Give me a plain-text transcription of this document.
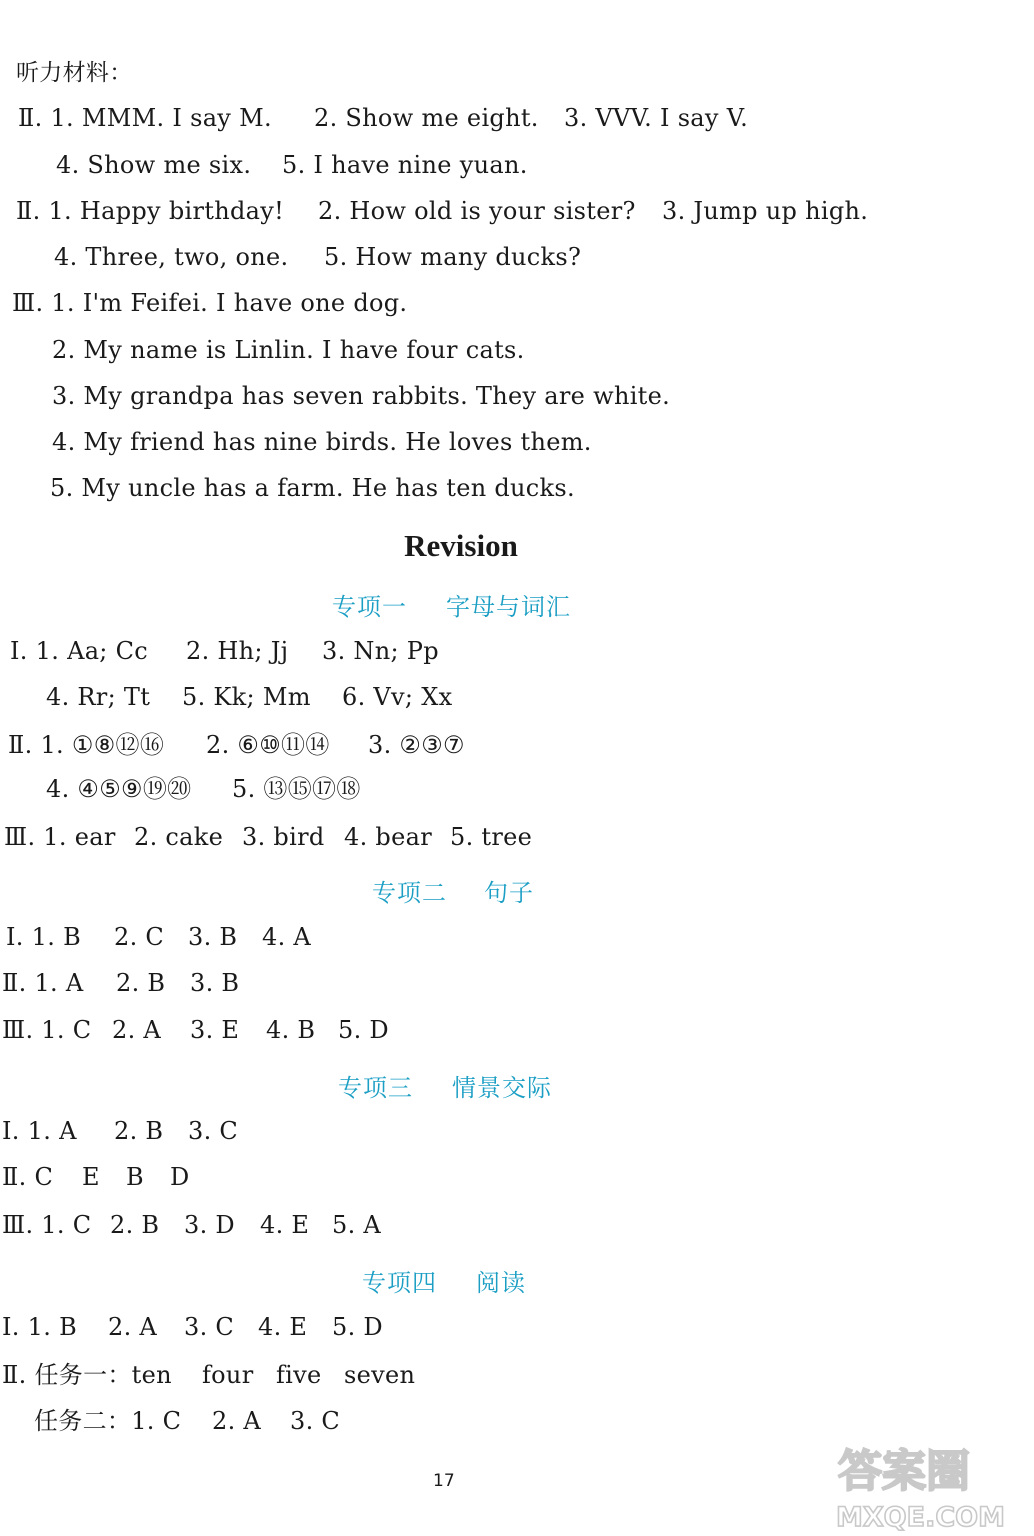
听力材料：
Ⅱ. 1. MMM. I say M. 2. Show me eight. 3. VVV. I say V.
4. Show me six. 5. I have nine yuan.
Ⅱ. 1. Happy birthday! 2. How old is your sister? 3. Jump up high.
4. Three, two, one. 5. How many ducks?
Ⅲ. 1. I'm Feifei. I have one dog.
2. My name is Linlin. I have four cats.
3. My grandpa has seven rabbits. They are white.
4. My friend has nine birds. He loves them.
5. My uncle has a farm. He has ten ducks.
Revision
专项一 字母与词汇
Ⅰ. 1. Aa; Cc 2. Hh; Jj 3. Nn; Pp
4. Rr; Tt 5. Kk; Mm 6. Vv; Xx
Ⅱ. 1. ①⑧⑫⑯ 2. ⑥⑩⑪⑭ 3. ②③⑦
4. ④⑤⑨⑲⑳ 5. ⑬⑮⑰⑱
Ⅲ. 1. ear 2. cake 3. bird 4. bear 5. tree
专项二 句子
Ⅰ. 1. B 2. C 3. B 4. A
Ⅱ. 1. A 2. B 3. B
Ⅲ. 1. C 2. A 3. E 4. B 5. D
专项三 情景交际
Ⅰ. 1. A 2. B 3. C
Ⅱ. C E B D
Ⅲ. 1. C 2. B 3. D 4. E 5. A
专项四 阅读
Ⅰ. 1. B 2. A 3. C 4. E 5. D
Ⅱ. 任务一：ten four five seven
任务二：1. C 2. A 3. C
17	答案圈
MXQE.COM
